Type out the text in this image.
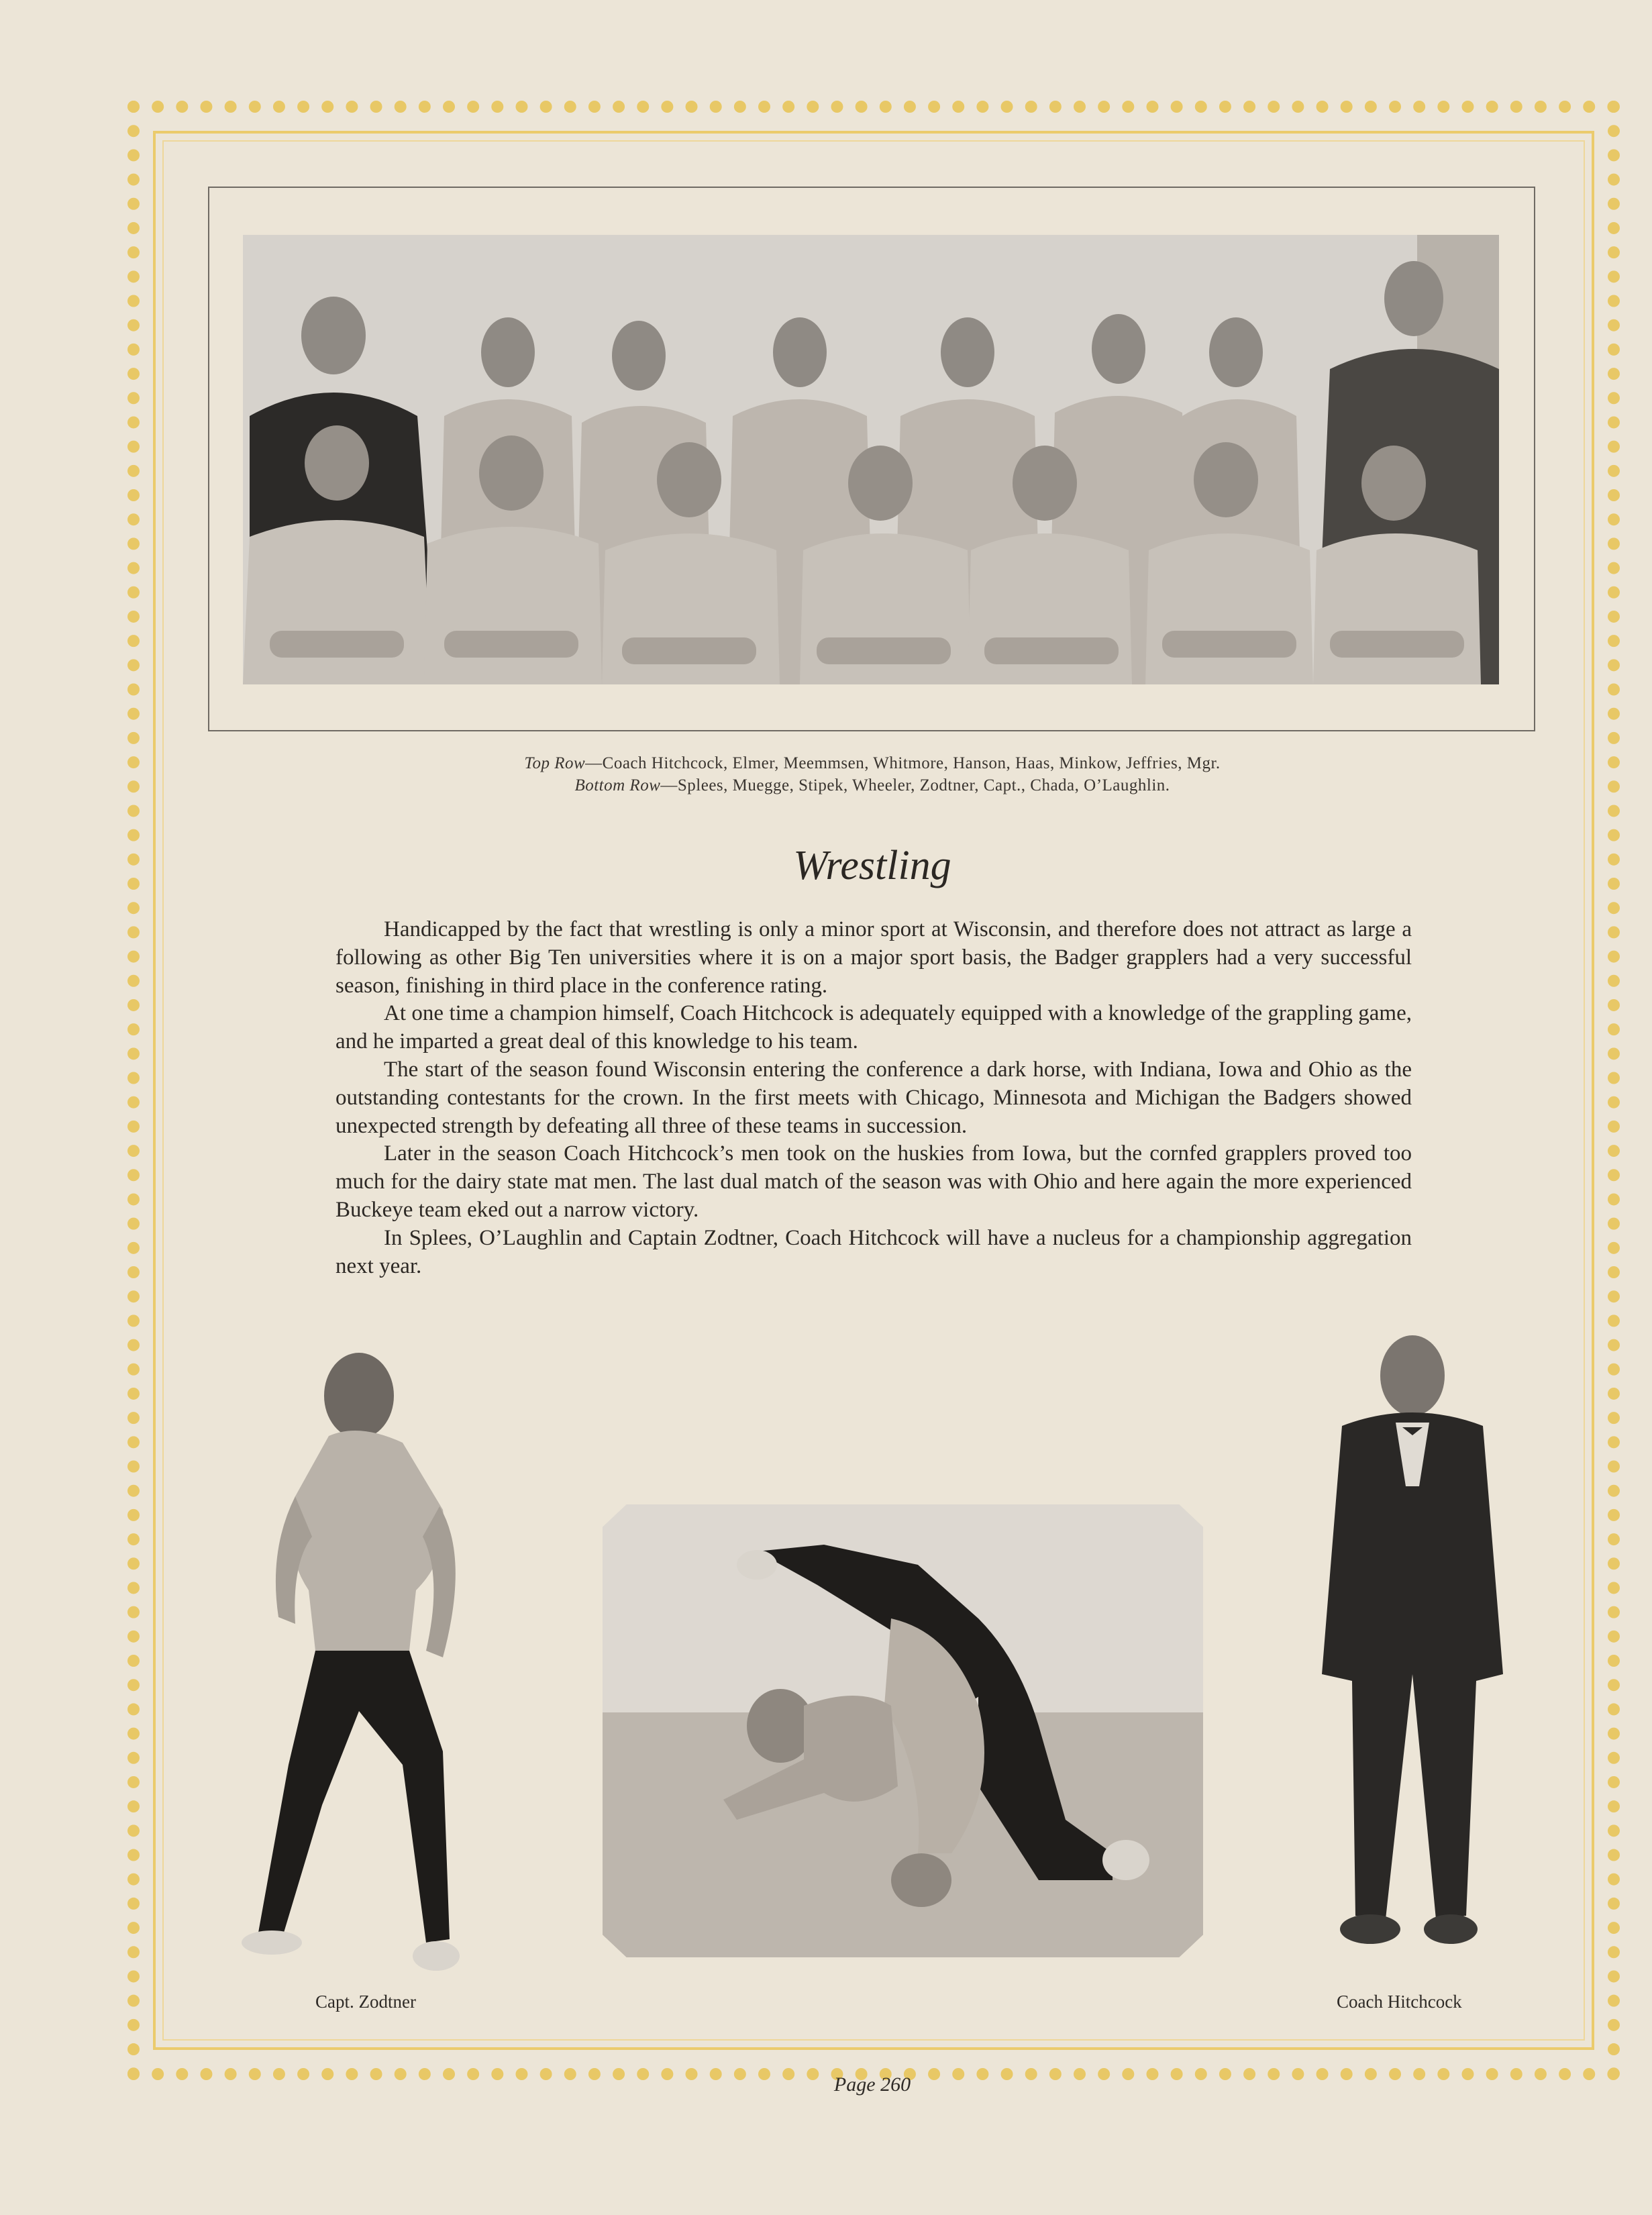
Top Row—Coach Hitchcock, Elmer, Meemmsen, Whitmore, Hanson, Haas, Minkow, Jeffries, Mgr.
Bottom Row—Splees, Muegge, Stipek, Wheeler, Zodtner, Capt., Chada, O’Laughlin.
Wrestling

Handicapped by the fact that wrestling is only a minor sport at Wisconsin, and therefore does not attract as large a following as other Big Ten universities where it is on a major sport basis, the Badger grapplers had a very successful season, finishing in third place in the conference rating.

At one time a champion himself, Coach Hitchcock is adequately equipped with a knowledge of the grappling game, and he imparted a great deal of this knowledge to his team.

The start of the season found Wisconsin entering the conference a dark horse, with Indiana, Iowa and Ohio as the outstanding contestants for the crown. In the first meets with Chicago, Minnesota and Michigan the Badgers showed unexpected strength by defeating all three of these teams in succession.

Later in the season Coach Hitchcock’s men took on the huskies from Iowa, but the cornfed grapplers proved too much for the dairy state mat men. The last dual match of the season was with Ohio and here again the more experienced Buckeye team eked out a narrow victory.

In Splees, O’Laughlin and Captain Zodtner, Coach Hitchcock will have a nucleus for a championship aggregation next year.

Capt. Zodtner	Coach Hitchcock
Page 260
